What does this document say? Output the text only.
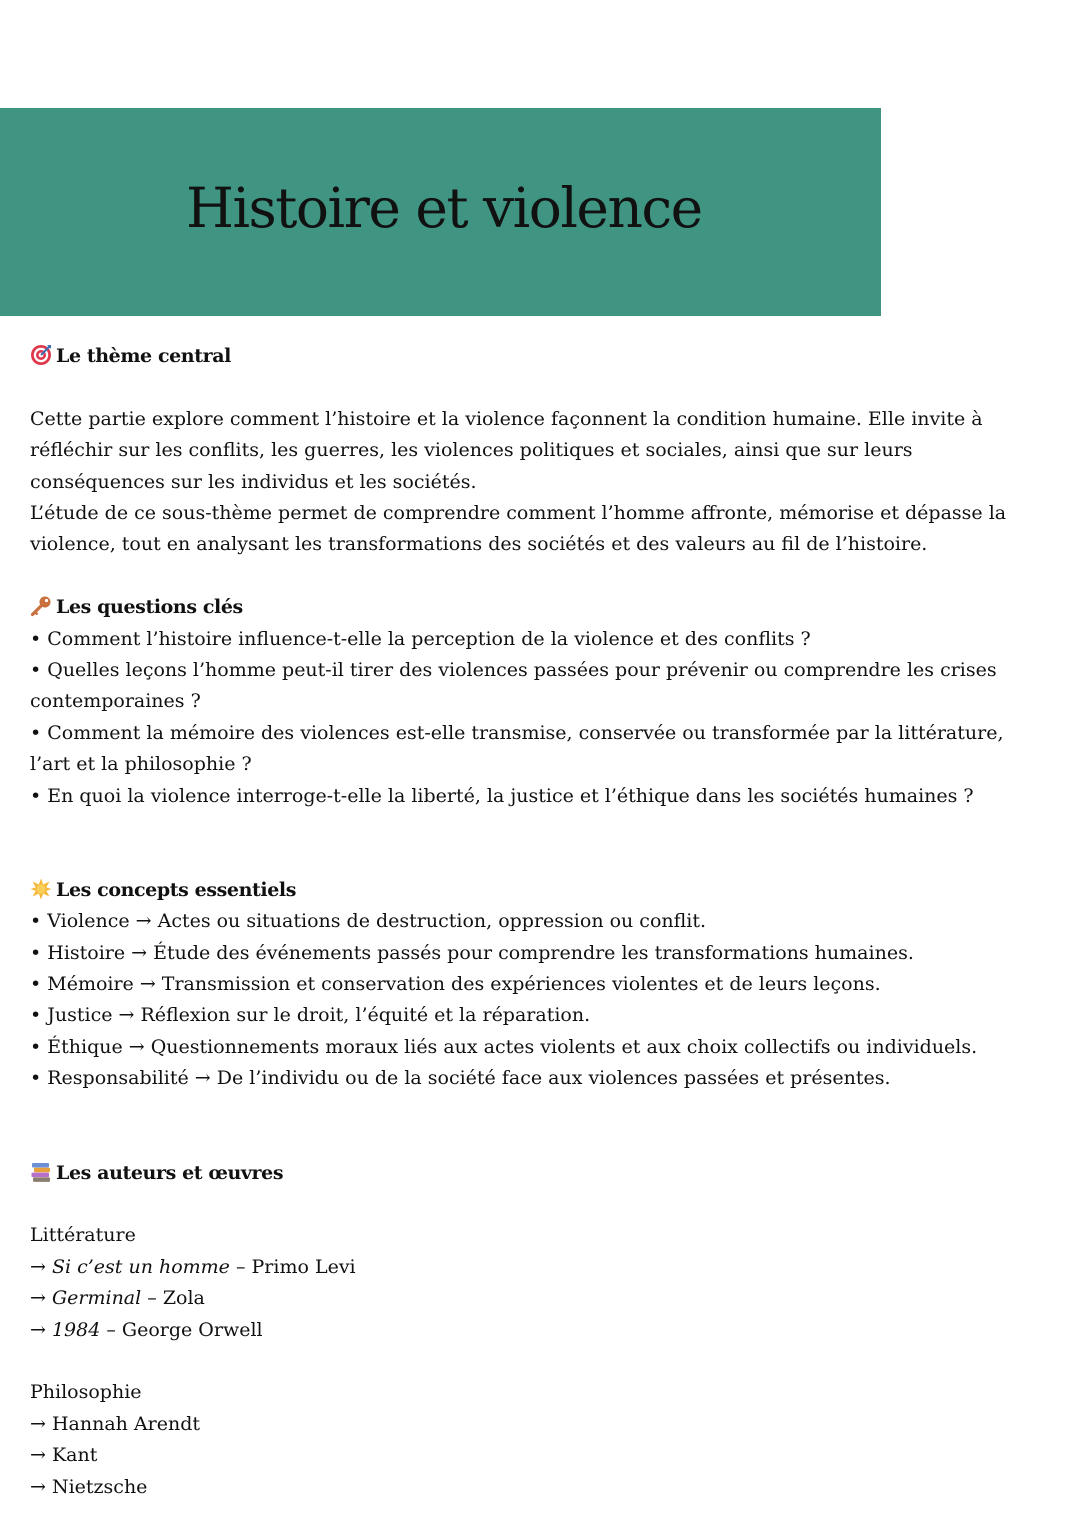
Histoire et violence

Le thème central

Cette partie explore comment l’histoire et la violence façonnent la condition humaine. Elle invite à

réfléchir sur les conflits, les guerres, les violences politiques et sociales, ainsi que sur leurs

conséquences sur les individus et les sociétés.

L’étude de ce sous-thème permet de comprendre comment l’homme affronte, mémorise et dépasse la

violence, tout en analysant les transformations des sociétés et des valeurs au fil de l’histoire.

Les questions clés

• Comment l’histoire influence-t-elle la perception de la violence et des conflits ?

• Quelles leçons l’homme peut-il tirer des violences passées pour prévenir ou comprendre les crises

contemporaines ?

• Comment la mémoire des violences est-elle transmise, conservée ou transformée par la littérature,

l’art et la philosophie ?

• En quoi la violence interroge-t-elle la liberté, la justice et l’éthique dans les sociétés humaines ?

Les concepts essentiels

• Violence → Actes ou situations de destruction, oppression ou conflit.

• Histoire → Étude des événements passés pour comprendre les transformations humaines.

• Mémoire → Transmission et conservation des expériences violentes et de leurs leçons.

• Justice → Réflexion sur le droit, l’équité et la réparation.

• Éthique → Questionnements moraux liés aux actes violents et aux choix collectifs ou individuels.

• Responsabilité → De l’individu ou de la société face aux violences passées et présentes.

Les auteurs et œuvres

Littérature

→ Si c’est un homme – Primo Levi

→ Germinal – Zola

→ 1984 – George Orwell

Philosophie

→ Hannah Arendt

→ Kant

→ Nietzsche
